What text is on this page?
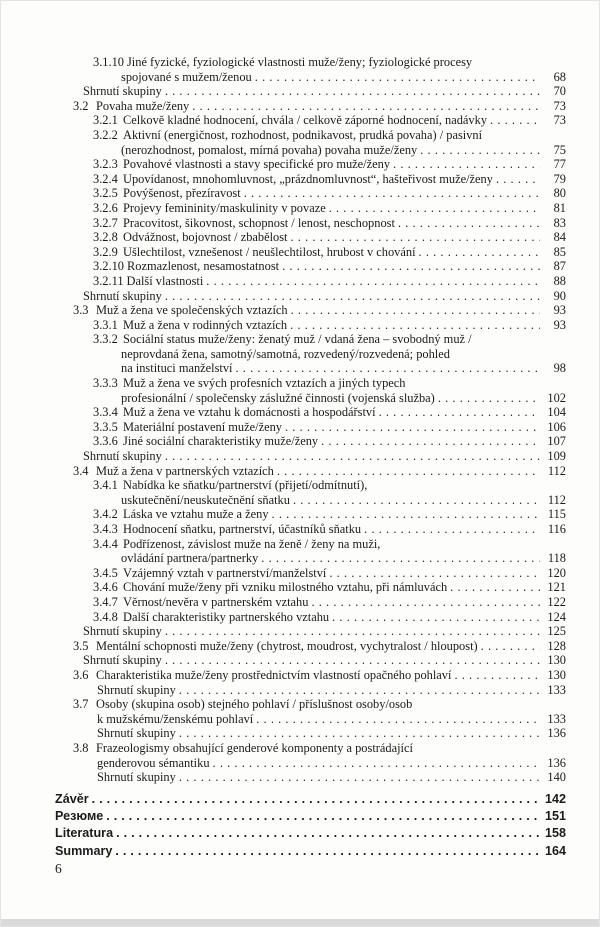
3.1.10 Jiné fyzické, fyziologické vlastnosti muže/ženy; fyziologické procesy
spojované s mužem/ženou .....	68
Shrnutí skupiny .....	70
3.2 Povaha muže/ženy .....	73
3.2.1 Celkově kladné hodnocení, chvála / celkově záporné hodnocení, nadávky .....	73
3.2.2 Aktivní (energičnost, rozhodnost, podnikavost, prudká povaha) / pasivní
(nerozhodnost, pomalost, mírná povaha) povaha muže/ženy .....	75
3.2.3 Povahové vlastnosti a stavy specifické pro muže/ženy .....	77
3.2.4 Upovídanost, mnohomluvnost, „prázdnomluvnost“, hašteřivost muže/ženy .....	79
3.2.5 Povýšenost, přezíravost .....	80
3.2.6 Projevy femininity/maskulinity v povaze .....	81
3.2.7 Pracovitost, šikovnost, schopnost / lenost, neschopnost .....	83
3.2.8 Odvážnost, bojovnost / zbabělost .....	84
3.2.9 Ušlechtilost, vznešenost / neušlechtilost, hrubost v chování .....	85
3.2.10 Rozmazlenost, nesamostatnost .....	87
3.2.11 Další vlastnosti .....	88
Shrnutí skupiny .....	90
3.3 Muž a žena ve společenských vztazích .....	93
3.3.1 Muž a žena v rodinných vztazích .....	93
3.3.2 Sociální status muže/ženy: ženatý muž / vdaná žena – svobodný muž /
neprovdaná žena, samotný/samotná, rozvedený/rozvedená; pohled
na instituci manželství .....	98
3.3.3 Muž a žena ve svých profesních vztazích a jiných typech
profesionální / společensky záslužné činnosti (vojenská služba) .....	102
3.3.4 Muž a žena ve vztahu k domácnosti a hospodářství .....	104
3.3.5 Materiální postavení muže/ženy .....	106
3.3.6 Jiné sociální charakteristiky muže/ženy .....	107
Shrnutí skupiny .....	109
3.4 Muž a žena v partnerských vztazích .....	112
3.4.1 Nabídka ke sňatku/partnerství (přijetí/odmítnutí),
uskutečnění/neuskutečnění sňatku .....	112
3.4.2 Láska ve vztahu muže a ženy .....	115
3.4.3 Hodnocení sňatku, partnerství, účastníků sňatku .....	116
3.4.4 Podřízenost, závislost muže na ženě / ženy na muži,
ovládání partnera/partnerky .....	118
3.4.5 Vzájemný vztah v partnerství/manželství .....	120
3.4.6 Chování muže/ženy při vzniku milostného vztahu, při námluvách .....	121
3.4.7 Věrnost/nevěra v partnerském vztahu .....	122
3.4.8 Další charakteristiky partnerského vztahu .....	124
Shrnutí skupiny .....	125
3.5 Mentální schopnosti muže/ženy (chytrost, moudrost, vychytralost / hloupost) .....	128
Shrnutí skupiny .....	130
3.6 Charakteristika muže/ženy prostřednictvím vlastností opačného pohlaví .....	130
Shrnutí skupiny .....	133
3.7 Osoby (skupina osob) stejného pohlaví / příslušnost osoby/osob
k mužskému/ženskému pohlaví .....	133
Shrnutí skupiny .....	136
3.8 Frazeologismy obsahující genderové komponenty a postrádající
genderovou sémantiku .....	136
Shrnutí skupiny .....	140
Závěr .....	142
Резюме .....	151
Literatura .....	158
Summary .....	164
6
